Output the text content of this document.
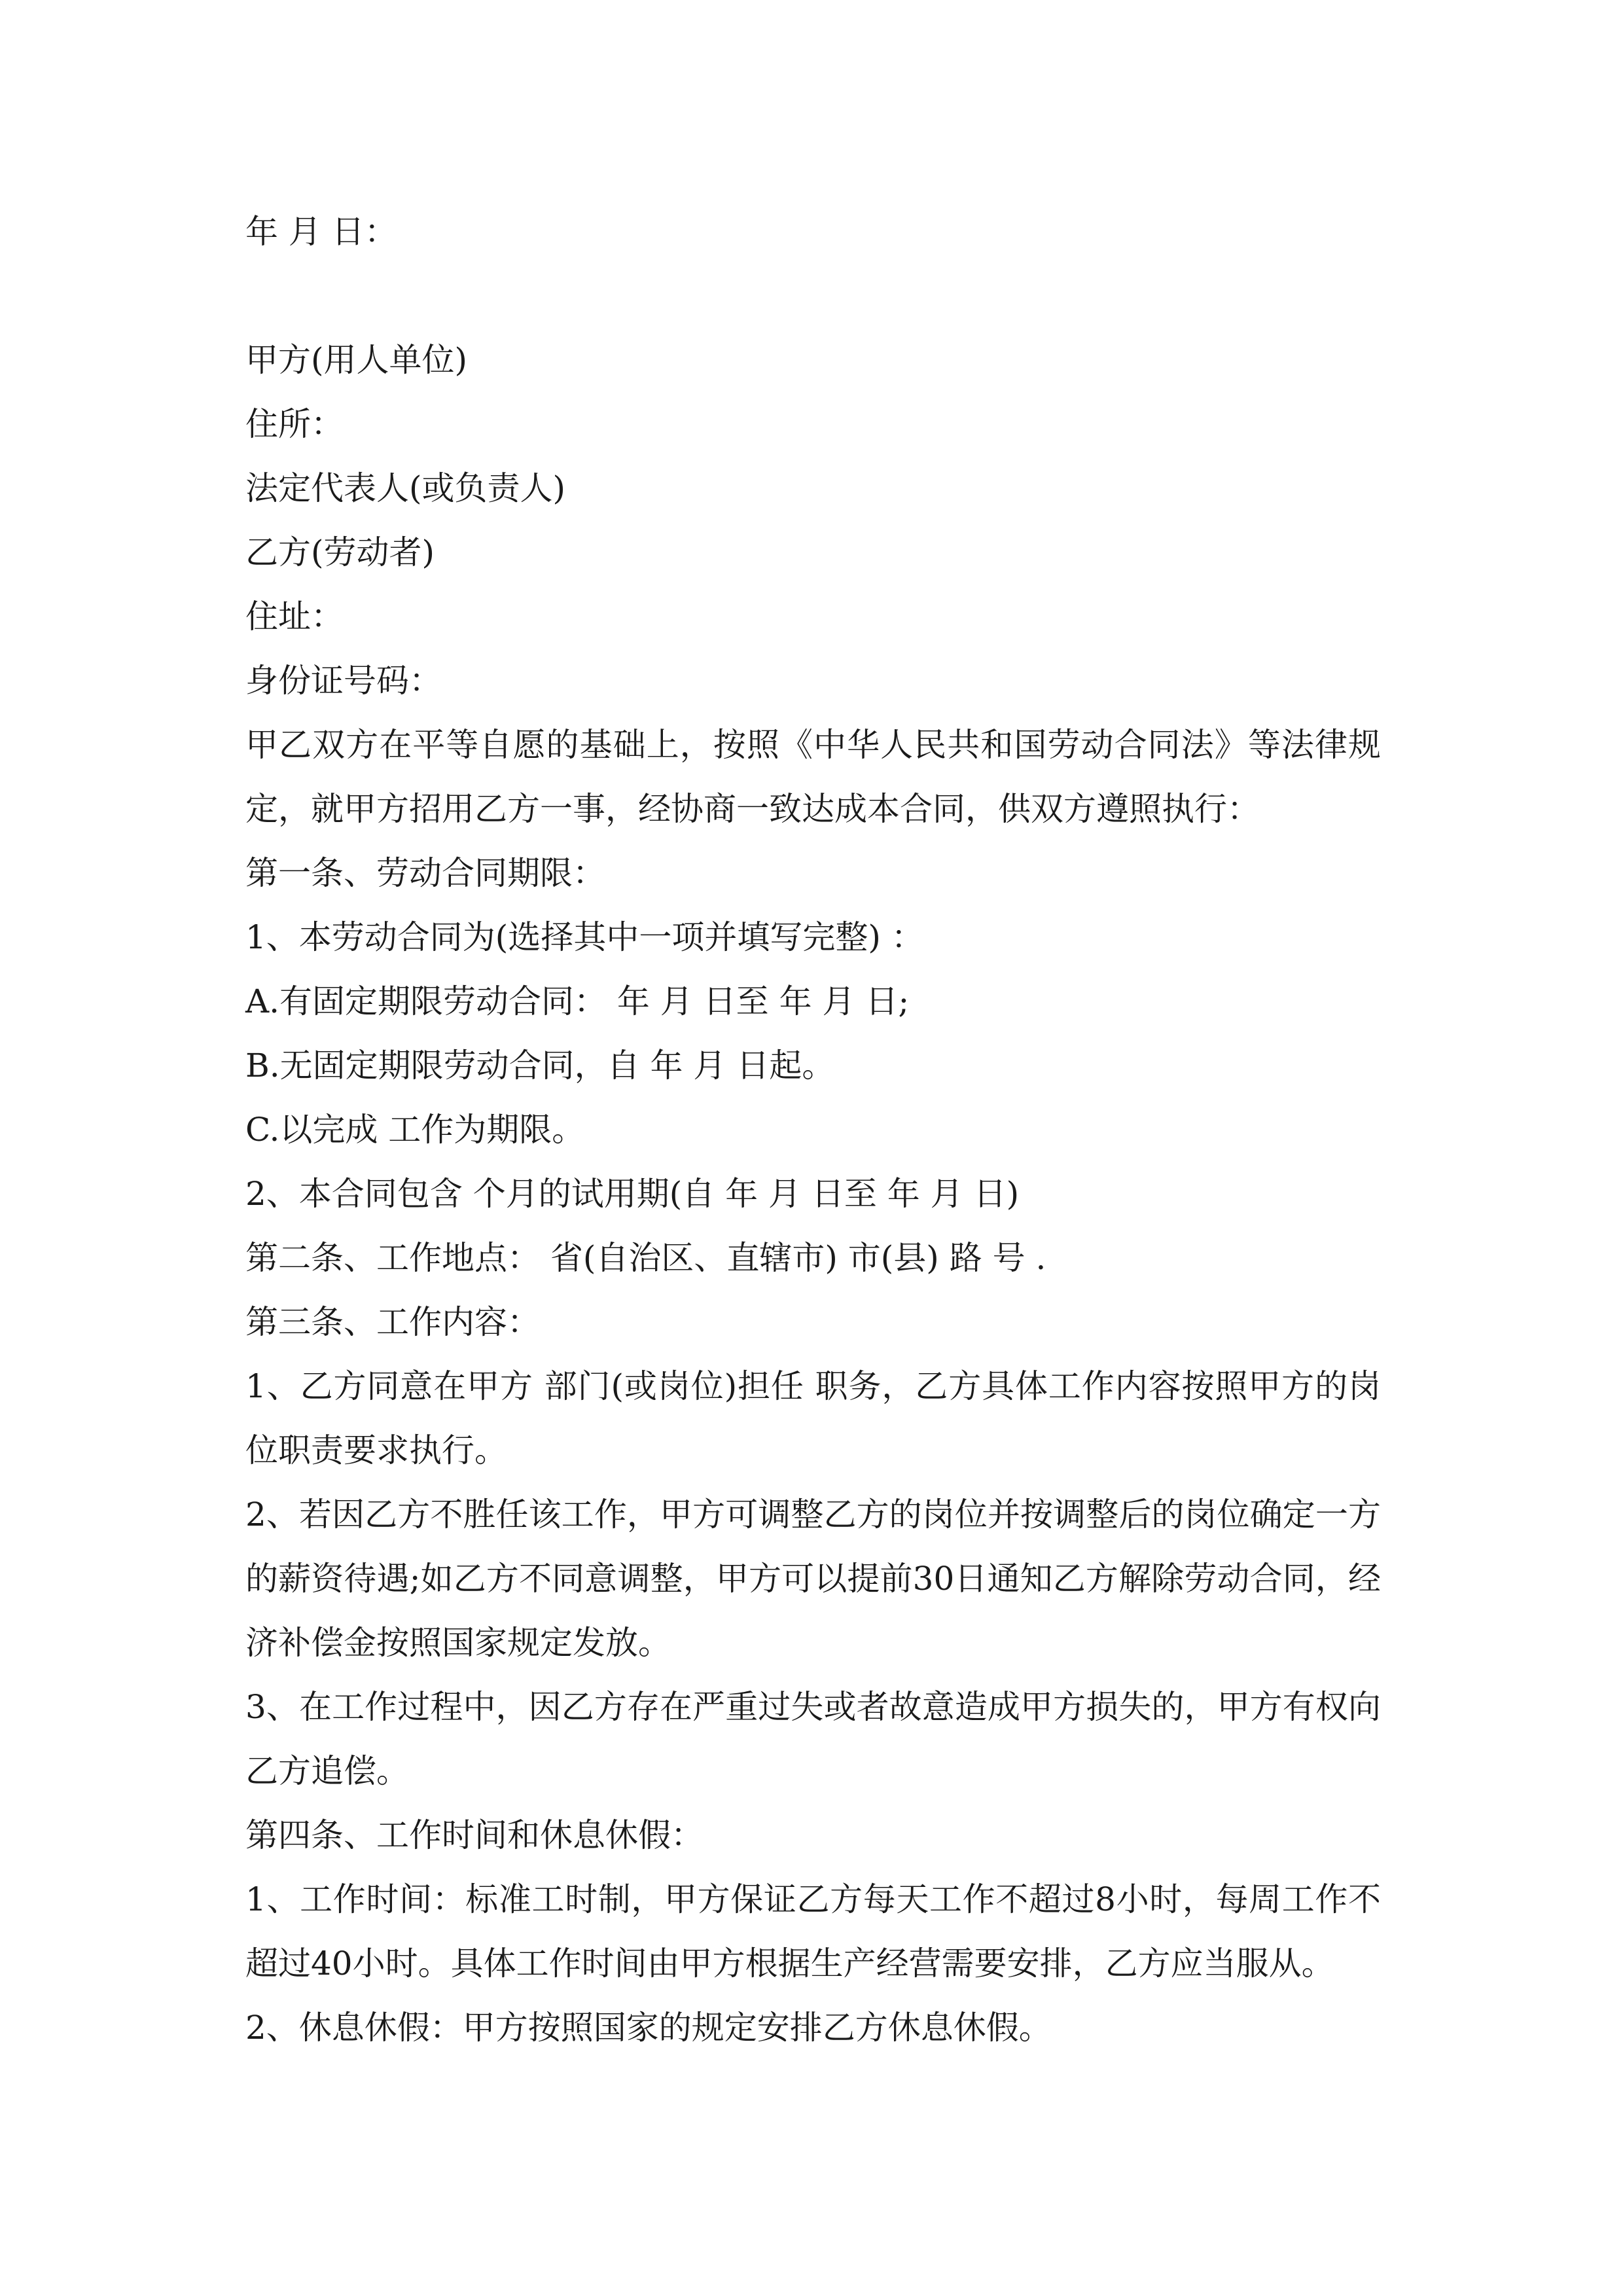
年 月 日：

甲方(用人单位)

住所：

法定代表人(或负责人)

乙方(劳动者)

住址：

身份证号码：

甲乙双方在平等自愿的基础上，按照《中华人民共和国劳动合同法》等法律规定，就甲方招用乙方一事，经协商一致达成本合同，供双方遵照执行：

第一条、劳动合同期限：

1、本劳动合同为(选择其中一项并填写完整) ：

A.有固定期限劳动合同： 年 月 日至 年 月 日;

B.无固定期限劳动合同，自 年 月 日起。

C.以完成 工作为期限。

2、本合同包含 个月的试用期(自 年 月 日至 年 月 日)

第二条、工作地点： 省(自治区、直辖市) 市(县) 路 号 .

第三条、工作内容：

1、乙方同意在甲方 部门(或岗位)担任 职务，乙方具体工作内容按照甲方的岗位职责要求执行。

2、若因乙方不胜任该工作，甲方可调整乙方的岗位并按调整后的岗位确定一方的薪资待遇;如乙方不同意调整，甲方可以提前30日通知乙方解除劳动合同，经济补偿金按照国家规定发放。

3、在工作过程中，因乙方存在严重过失或者故意造成甲方损失的，甲方有权向乙方追偿。

第四条、工作时间和休息休假：

1、工作时间：标准工时制，甲方保证乙方每天工作不超过8小时，每周工作不超过40小时。具体工作时间由甲方根据生产经营需要安排，乙方应当服从。

2、休息休假：甲方按照国家的规定安排乙方休息休假。
